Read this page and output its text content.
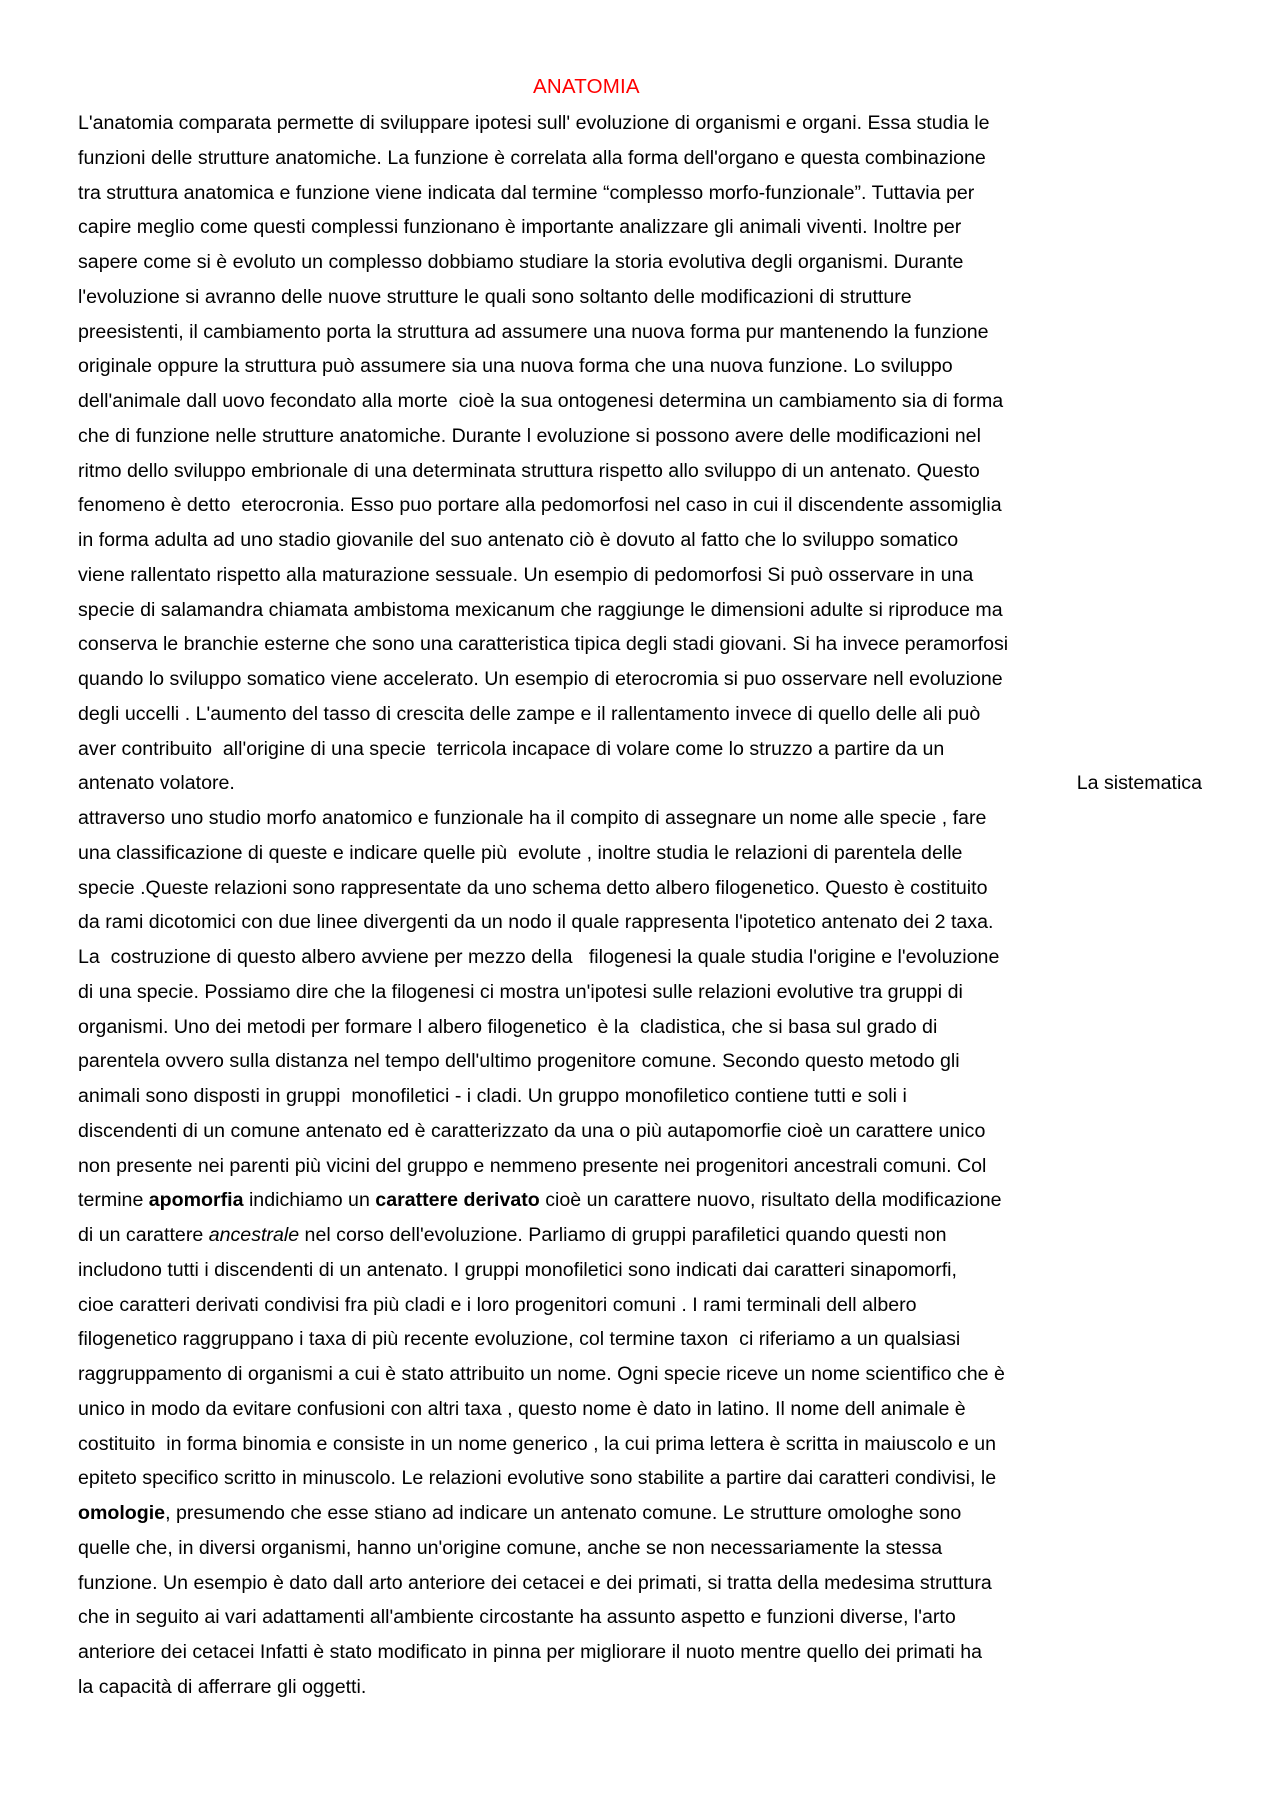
ANATOMIA
L'anatomia comparata permette di sviluppare ipotesi sull' evoluzione di organismi e organi. Essa studia le
funzioni delle strutture anatomiche. La funzione è correlata alla forma dell'organo e questa combinazione
tra struttura anatomica e funzione viene indicata dal termine “complesso morfo-funzionale”. Tuttavia per
capire meglio come questi complessi funzionano è importante analizzare gli animali viventi. Inoltre per
sapere come si è evoluto un complesso dobbiamo studiare la storia evolutiva degli organismi. Durante
l'evoluzione si avranno delle nuove strutture le quali sono soltanto delle modificazioni di strutture
preesistenti, il cambiamento porta la struttura ad assumere una nuova forma pur mantenendo la funzione
originale oppure la struttura può assumere sia una nuova forma che una nuova funzione. Lo sviluppo
dell'animale dall uovo fecondato alla morte  cioè la sua ontogenesi determina un cambiamento sia di forma
che di funzione nelle strutture anatomiche. Durante l evoluzione si possono avere delle modificazioni nel
ritmo dello sviluppo embrionale di una determinata struttura rispetto allo sviluppo di un antenato. Questo
fenomeno è detto  eterocronia. Esso puo portare alla pedomorfosi nel caso in cui il discendente assomiglia
in forma adulta ad uno stadio giovanile del suo antenato ciò è dovuto al fatto che lo sviluppo somatico
viene rallentato rispetto alla maturazione sessuale. Un esempio di pedomorfosi Si può osservare in una
specie di salamandra chiamata ambistoma mexicanum che raggiunge le dimensioni adulte si riproduce ma
conserva le branchie esterne che sono una caratteristica tipica degli stadi giovani. Si ha invece peramorfosi
quando lo sviluppo somatico viene accelerato. Un esempio di eterocromia si puo osservare nell evoluzione
degli uccelli . L'aumento del tasso di crescita delle zampe e il rallentamento invece di quello delle ali può
aver contribuito  all'origine di una specie  terricola incapace di volare come lo struzzo a partire da un
antenato volatore.	La sistematica
attraverso uno studio morfo anatomico e funzionale ha il compito di assegnare un nome alle specie , fare
una classificazione di queste e indicare quelle più  evolute , inoltre studia le relazioni di parentela delle
specie .Queste relazioni sono rappresentate da uno schema detto albero filogenetico. Questo è costituito
da rami dicotomici con due linee divergenti da un nodo il quale rappresenta l'ipotetico antenato dei 2 taxa.
La  costruzione di questo albero avviene per mezzo della   filogenesi la quale studia l'origine e l'evoluzione
di una specie. Possiamo dire che la filogenesi ci mostra un'ipotesi sulle relazioni evolutive tra gruppi di
organismi. Uno dei metodi per formare l albero filogenetico  è la  cladistica, che si basa sul grado di
parentela ovvero sulla distanza nel tempo dell'ultimo progenitore comune. Secondo questo metodo gli
animali sono disposti in gruppi  monofiletici - i cladi. Un gruppo monofiletico contiene tutti e soli i
discendenti di un comune antenato ed è caratterizzato da una o più autapomorfie cioè un carattere unico
non presente nei parenti più vicini del gruppo e nemmeno presente nei progenitori ancestrali comuni. Col
termine apomorfia indichiamo un carattere derivato cioè un carattere nuovo, risultato della modificazione
di un carattere ancestrale nel corso dell'evoluzione. Parliamo di gruppi parafiletici quando questi non
includono tutti i discendenti di un antenato. I gruppi monofiletici sono indicati dai caratteri sinapomorfi,
cioe caratteri derivati condivisi fra più cladi e i loro progenitori comuni . I rami terminali dell albero
filogenetico raggruppano i taxa di più recente evoluzione, col termine taxon  ci riferiamo a un qualsiasi
raggruppamento di organismi a cui è stato attribuito un nome. Ogni specie riceve un nome scientifico che è
unico in modo da evitare confusioni con altri taxa , questo nome è dato in latino. Il nome dell animale è
costituito  in forma binomia e consiste in un nome generico , la cui prima lettera è scritta in maiuscolo e un
epiteto specifico scritto in minuscolo. Le relazioni evolutive sono stabilite a partire dai caratteri condivisi, le
omologie, presumendo che esse stiano ad indicare un antenato comune. Le strutture omologhe sono
quelle che, in diversi organismi, hanno un'origine comune, anche se non necessariamente la stessa
funzione. Un esempio è dato dall arto anteriore dei cetacei e dei primati, si tratta della medesima struttura
che in seguito ai vari adattamenti all'ambiente circostante ha assunto aspetto e funzioni diverse, l'arto
anteriore dei cetacei Infatti è stato modificato in pinna per migliorare il nuoto mentre quello dei primati ha
la capacità di afferrare gli oggetti.
